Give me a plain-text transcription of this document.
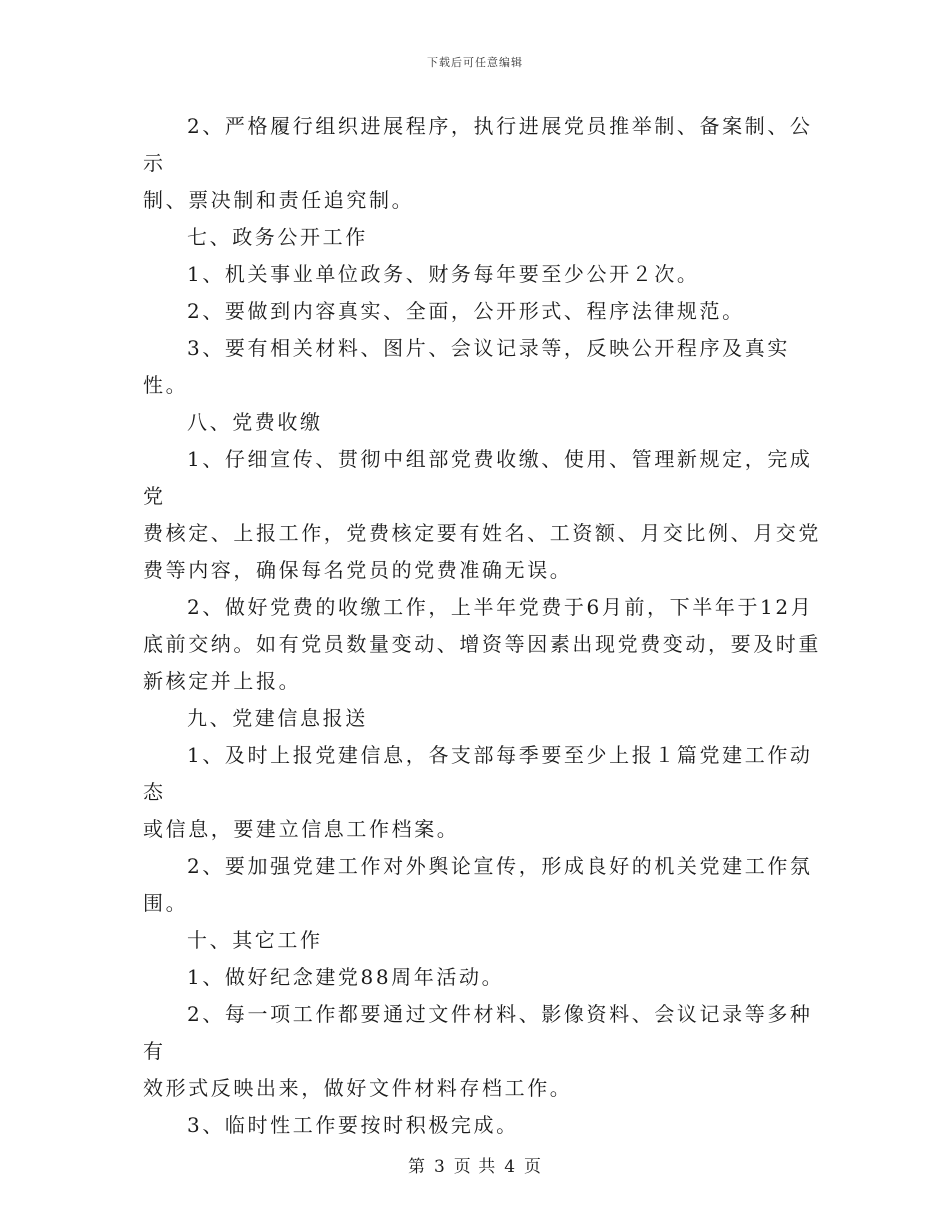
下载后可任意编辑

2、严格履行组织进展程序，执行进展党员推举制、备案制、公示
制、票决制和责任追究制。

七、政务公开工作

1、机关事业单位政务、财务每年要至少公开２次。

2、要做到内容真实、全面，公开形式、程序法律规范。

3、要有相关材料、图片、会议记录等，反映公开程序及真实性。

八、党费收缴

1、仔细宣传、贯彻中组部党费收缴、使用、管理新规定，完成党
费核定、上报工作，党费核定要有姓名、工资额、月交比例、月交党
费等内容，确保每名党员的党费准确无误。

2、做好党费的收缴工作，上半年党费于6月前，下半年于12月
底前交纳。如有党员数量变动、增资等因素出现党费变动，要及时重
新核定并上报。

九、党建信息报送

1、及时上报党建信息，各支部每季要至少上报１篇党建工作动态
或信息，要建立信息工作档案。

2、要加强党建工作对外舆论宣传，形成良好的机关党建工作氛围。

十、其它工作

1、做好纪念建党88周年活动。

2、每一项工作都要通过文件材料、影像资料、会议记录等多种有
效形式反映出来，做好文件材料存档工作。

3、临时性工作要按时积极完成。

第 3 页 共 4 页
